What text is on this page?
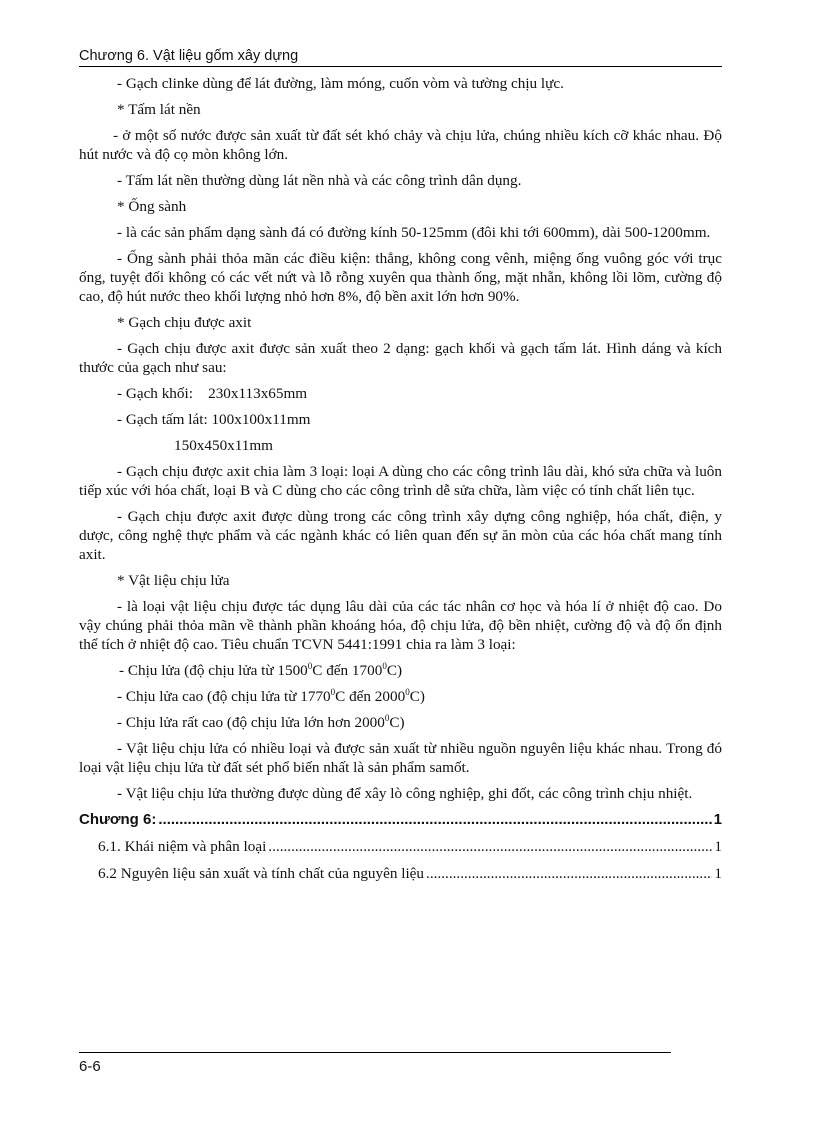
Chương 6. Vật liệu gốm xây dựng

- Gạch clinke dùng để lát đường, làm móng, cuốn vòm và tường chịu lực.

* Tấm lát nền

- ở một số nước được sản xuất từ đất sét khó chảy và chịu lửa, chúng nhiều kích cỡ khác nhau. Độ hút nước và độ cọ mòn không lớn.

- Tấm lát nền thường dùng lát nền nhà và các công trình dân dụng.

* Ống sành

- là các sản phẩm dạng sành đá có đường kính 50-125mm (đôi khi tới 600mm), dài 500-1200mm.

- Ống sành phải thỏa mãn các điều kiện: thẳng, không cong vênh, miệng ống vuông góc với trục ống, tuyệt đối không có các vết nứt và lỗ rỗng xuyên qua thành ống, mặt nhẵn, không lồi lõm, cường độ cao, độ hút nước theo khối lượng nhỏ hơn 8%, độ bền axit lớn hơn 90%.

* Gạch chịu được axit

- Gạch chịu được axit được sản xuất theo 2 dạng: gạch khối và gạch tấm lát. Hình dáng và kích thước của gạch như sau:

- Gạch khối:    230x113x65mm

- Gạch tấm lát: 100x100x11mm

150x450x11mm

- Gạch chịu được axit chia làm 3 loại: loại A dùng cho các công trình lâu dài, khó sửa chữa và luôn tiếp xúc với hóa chất, loại B và C dùng cho các công trình dễ sửa chữa, làm việc có tính chất liên tục.

- Gạch chịu được axit được dùng trong các công trình xây dựng công nghiệp, hóa chất, điện, y dược, công nghệ thực phẩm và các ngành khác có liên quan đến sự ăn mòn của các hóa chất mang tính axit.

* Vật liệu chịu lửa

- là loại vật liệu chịu được tác dụng lâu dài của các tác nhân cơ học và hóa lí ở nhiệt độ cao. Do vậy chúng phải thỏa mãn về thành phần khoáng hóa, độ chịu lửa, độ bền nhiệt, cường độ và độ ổn định thể tích ở nhiệt độ cao. Tiêu chuẩn TCVN 5441:1991 chia ra làm 3 loại:

- Chịu lửa (độ chịu lửa từ 1500$^0$C đến 1700$^0$C)

- Chịu lửa cao (độ chịu lửa từ 1770$^0$C đến 2000$^0$C)

- Chịu lửa rất cao (độ chịu lửa lớn hơn 2000$^0$C)

- Vật liệu chịu lửa có nhiều loại và được sản xuất từ nhiều nguồn nguyên liệu khác nhau. Trong đó loại vật liệu chịu lửa từ đất sét phổ biến nhất là sản phẩm samốt.

- Vật liệu chịu lửa thường được dùng để xây lò công nghiệp, ghi đốt, các công trình chịu nhiệt.

Chương 6: .....	1
6.1. Khái niệm và phân loại .....	1
6.2 Nguyên liệu sản xuất và tính chất của nguyên liệu .....	1
6-6
